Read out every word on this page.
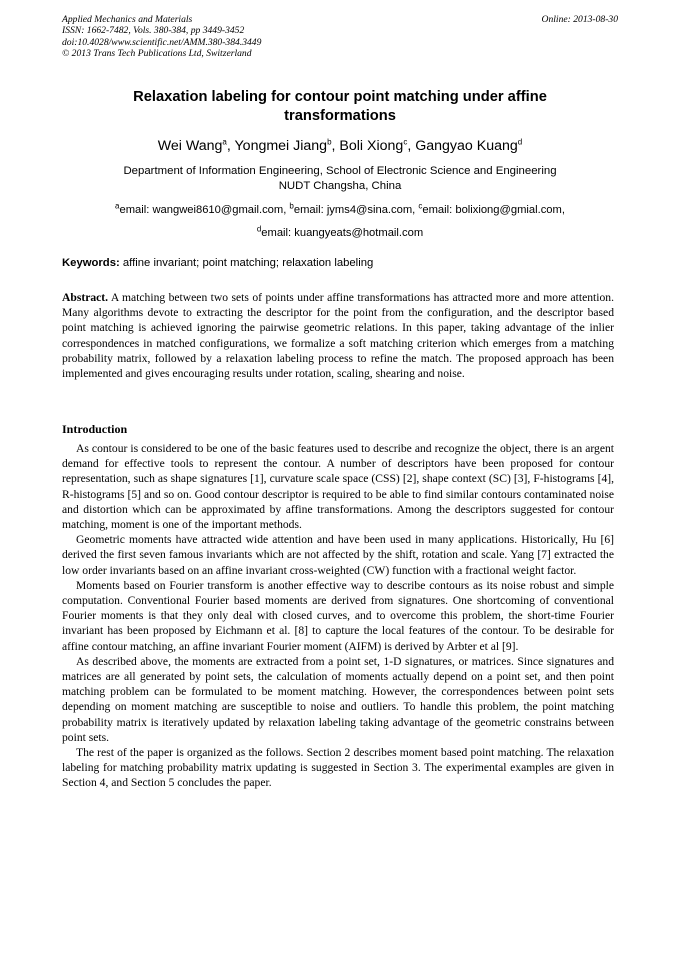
Applied Mechanics and Materials
ISSN: 1662-7482, Vols. 380-384, pp 3449-3452
doi:10.4028/www.scientific.net/AMM.380-384.3449
© 2013 Trans Tech Publications Ltd, Switzerland
Online: 2013-08-30
Relaxation labeling for contour point matching under affine
transformations
Wei Wang$^a$, Yongmei Jiang$^b$, Boli Xiong$^c$, Gangyao Kuang$^d$
Department of Information Engineering, School of Electronic Science and Engineering
NUDT Changsha, China
$^a$email: wangwei8610@gmail.com, $^b$email: jyms4@sina.com, $^c$email: bolixiong@gmial.com,
$^d$email: kuangyeats@hotmail.com
Keywords: affine invariant; point matching; relaxation labeling
Abstract. A matching between two sets of points under affine transformations has attracted more and more attention. Many algorithms devote to extracting the descriptor for the point from the configuration, and the descriptor based point matching is achieved ignoring the pairwise geometric relations. In this paper, taking advantage of the inlier correspondences in matched configurations, we formalize a soft matching criterion which emerges from a matching probability matrix, followed by a relaxation labeling process to refine the match. The proposed approach has been implemented and gives encouraging results under rotation, scaling, shearing and noise.
Introduction

As contour is considered to be one of the basic features used to describe and recognize the object, there is an argent demand for effective tools to represent the contour. A number of descriptors have been proposed for contour representation, such as shape signatures [1], curvature scale space (CSS) [2], shape context (SC) [3], F-histograms [4], R-histograms [5] and so on. Good contour descriptor is required to be able to find similar contours contaminated noise and distortion which can be approximated by affine transformations. Among the descriptors suggested for contour matching, moment is one of the important methods.

Geometric moments have attracted wide attention and have been used in many applications. Historically, Hu [6] derived the first seven famous invariants which are not affected by the shift, rotation and scale. Yang [7] extracted the low order invariants based on an affine invariant cross-weighted (CW) function with a fractional weight factor.

Moments based on Fourier transform is another effective way to describe contours as its noise robust and simple computation. Conventional Fourier based moments are derived from signatures. One shortcoming of conventional Fourier moments is that they only deal with closed curves, and to overcome this problem, the short-time Fourier invariant has been proposed by Eichmann et al. [8] to capture the local features of the contour. To be desirable for affine contour matching, an affine invariant Fourier moment (AIFM) is derived by Arbter et al [9].

As described above, the moments are extracted from a point set, 1-D signatures, or matrices. Since signatures and matrices are all generated by point sets, the calculation of moments actually depend on a point set, and then point matching problem can be formulated to be moment matching. However, the correspondences between point sets depending on moment matching are susceptible to noise and outliers. To handle this problem, the point matching probability matrix is iteratively updated by relaxation labeling taking advantage of the geometric constrains between point sets.

The rest of the paper is organized as the follows. Section 2 describes moment based point matching. The relaxation labeling for matching probability matrix updating is suggested in Section 3. The experimental examples are given in Section 4, and Section 5 concludes the paper.
